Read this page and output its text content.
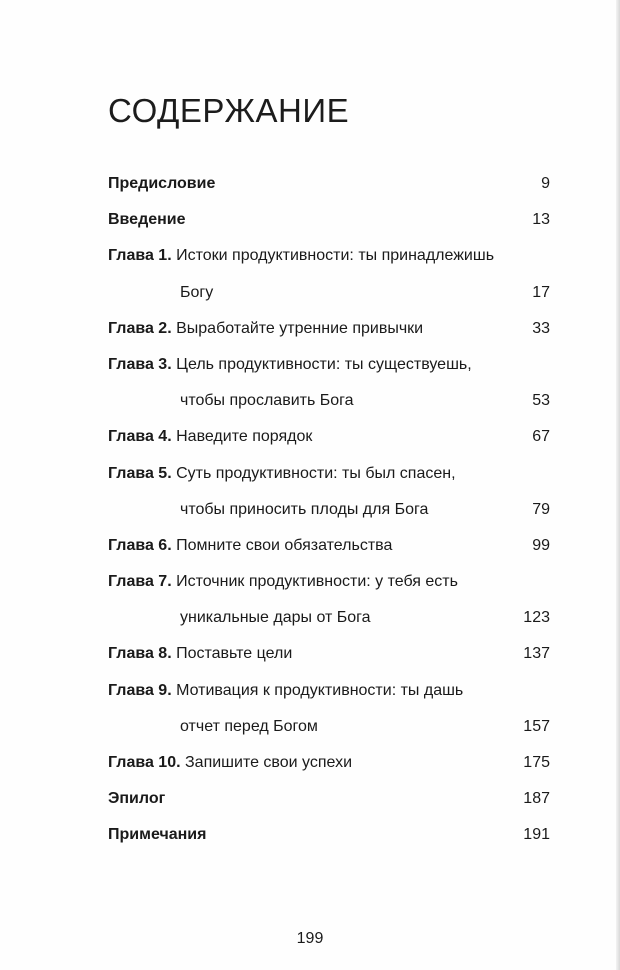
СОДЕРЖАНИЕ
Предисловие	9
Введение	13
Глава 1. Истоки продуктивности: ты принадлежишь
Богу	17
Глава 2. Выработайте утренние привычки	33
Глава 3. Цель продуктивности: ты существуешь,
чтобы прославить Бога	53
Глава 4. Наведите порядок	67
Глава 5. Суть продуктивности: ты был спасен,
чтобы приносить плоды для Бога	79
Глава 6. Помните свои обязательства	99
Глава 7. Источник продуктивности: у тебя есть
уникальные дары от Бога	123
Глава 8. Поставьте цели	137
Глава 9. Мотивация к продуктивности: ты дашь
отчет перед Богом	157
Глава 10. Запишите свои успехи	175
Эпилог	187
Примечания	191
199
